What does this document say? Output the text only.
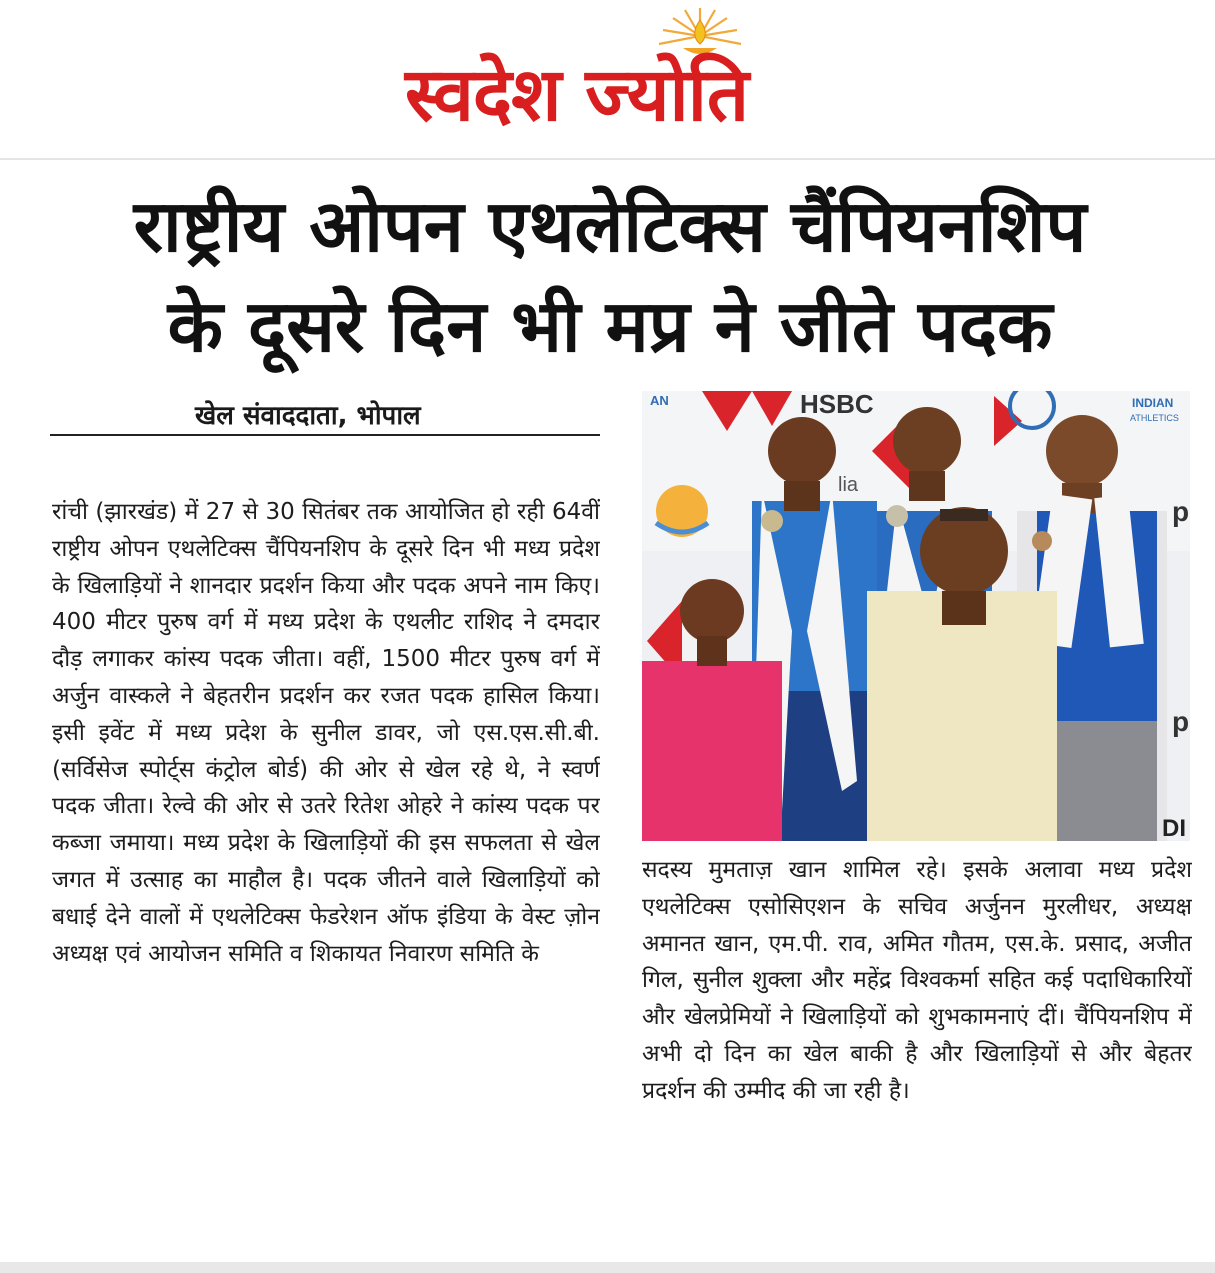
स्वदेश ज्योति
राष्ट्रीय ओपन एथलेटिक्स चैंपियनशिप
के दूसरे दिन भी मप्र ने जीते पदक
खेल संवाददाता, भोपाल
रांची (झारखंड) में 27 से 30 सितंबर तक आयोजित हो रही 64वीं राष्ट्रीय ओपन एथलेटिक्स चैंपियनशिप के दूसरे दिन भी मध्य प्रदेश के खिलाड़ियों ने शानदार प्रदर्शन किया और पदक अपने नाम किए। 400 मीटर पुरुष वर्ग में मध्य प्रदेश के एथलीट राशिद ने दमदार दौड़ लगाकर कांस्य पदक जीता। वहीं, 1500 मीटर पुरुष वर्ग में अर्जुन वास्कले ने बेहतरीन प्रदर्शन कर रजत पदक हासिल किया। इसी इवेंट में मध्य प्रदेश के सुनील डावर, जो एस.एस.सी.बी. (सर्विसेज स्पोर्ट्स कंट्रोल बोर्ड) की ओर से खेल रहे थे, ने स्वर्ण पदक जीता। रेल्वे की ओर से उतरे रितेश ओहरे ने कांस्य पदक पर कब्जा जमाया। मध्य प्रदेश के खिलाड़ियों की इस सफलता से खेल जगत में उत्साह का माहौल है। पदक जीतने वाले खिलाड़ियों को बधाई देने वालों में एथलेटिक्स फेडरेशन ऑफ इंडिया के वेस्ट ज़ोन अध्यक्ष एवं आयोजन समिति व शिकायत निवारण समिति के
AN	HSBC	INDIAN
ATHLETICS
p
p
DI
lia
सदस्य मुमताज़ खान शामिल रहे। इसके अलावा मध्य प्रदेश एथलेटिक्स एसोसिएशन के सचिव अर्जुनन मुरलीधर, अध्यक्ष अमानत खान, एम.पी. राव, अमित गौतम, एस.के. प्रसाद, अजीत गिल, सुनील शुक्ला और महेंद्र विश्वकर्मा सहित कई पदाधिकारियों और खेलप्रेमियों ने खिलाड़ियों को शुभकामनाएं दीं। चैंपियनशिप में अभी दो दिन का खेल बाकी है और खिलाड़ियों से और बेहतर प्रदर्शन की उम्मीद की जा रही है।
